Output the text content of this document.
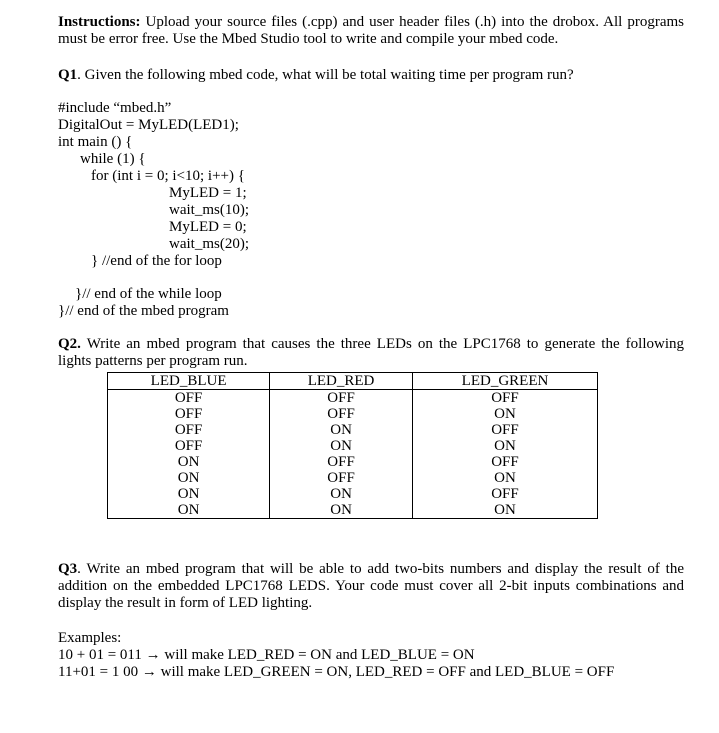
Instructions: Upload your source files (.cpp) and user header files (.h) into the drobox. All programs must be error free. Use the Mbed Studio tool to write and compile your mbed code.
Q1. Given the following mbed code, what will be total waiting time per program run?
#include “mbed.h”
DigitalOut = MyLED(LED1);
int main () {
while (1) {
for (int i = 0; i<10; i++) {
MyLED = 1;
wait_ms(10);
MyLED = 0;
wait_ms(20);
} //end of the for loop
}// end of the while loop
}// end of the mbed program
Q2. Write an mbed program that causes the three LEDs on the LPC1768 to generate the following lights patterns per program run.
LED_BLUE	LED_RED	LED_GREEN
OFF	OFF	OFF
OFF	OFF	ON
OFF	ON	OFF
OFF	ON	ON
ON	OFF	OFF
ON	OFF	ON
ON	ON	OFF
ON	ON	ON
Q3. Write an mbed program that will be able to add two-bits numbers and display the result of the addition on the embedded LPC1768 LEDS. Your code must cover all 2-bit inputs combinations and display the result in form of LED lighting.
Examples:
10 + 01 = 011 → will make LED_RED = ON and LED_BLUE = ON
11+01 = 1 00 → will make LED_GREEN = ON, LED_RED = OFF and LED_BLUE = OFF
